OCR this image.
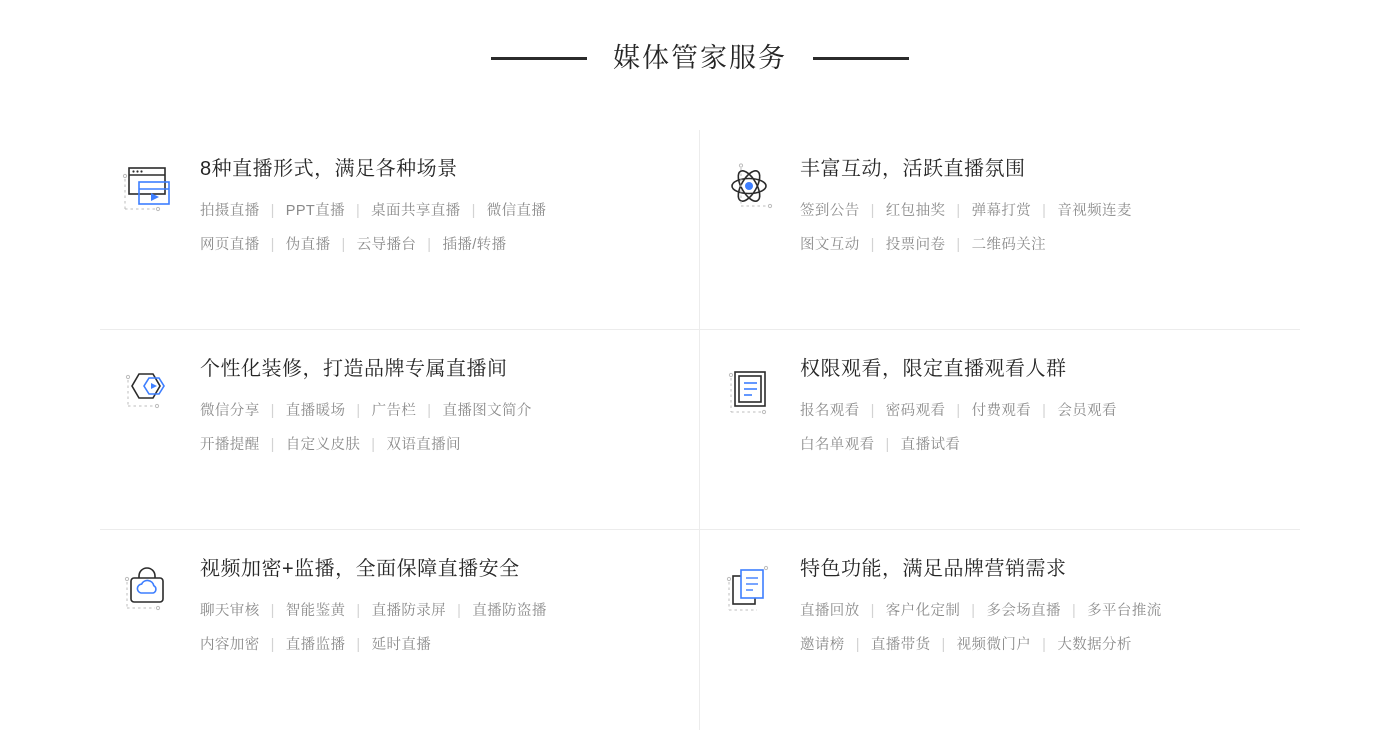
媒体管家服务
8种直播形式，满足各种场景
拍摄直播 | PPT直播 | 桌面共享直播 | 微信直播
网页直播 | 伪直播 | 云导播台 | 插播/转播
丰富互动，活跃直播氛围
签到公告 | 红包抽奖 | 弹幕打赏 | 音视频连麦
图文互动 | 投票问卷 | 二维码关注
个性化装修，打造品牌专属直播间
微信分享 | 直播暖场 | 广告栏 | 直播图文简介
开播提醒 | 自定义皮肤 | 双语直播间
权限观看，限定直播观看人群
报名观看 | 密码观看 | 付费观看 | 会员观看
白名单观看 | 直播试看
视频加密+监播，全面保障直播安全
聊天审核 | 智能鉴黄 | 直播防录屏 | 直播防盗播
内容加密 | 直播监播 | 延时直播
特色功能，满足品牌营销需求
直播回放 | 客户化定制 | 多会场直播 | 多平台推流
邀请榜 | 直播带货 | 视频微门户 | 大数据分析
